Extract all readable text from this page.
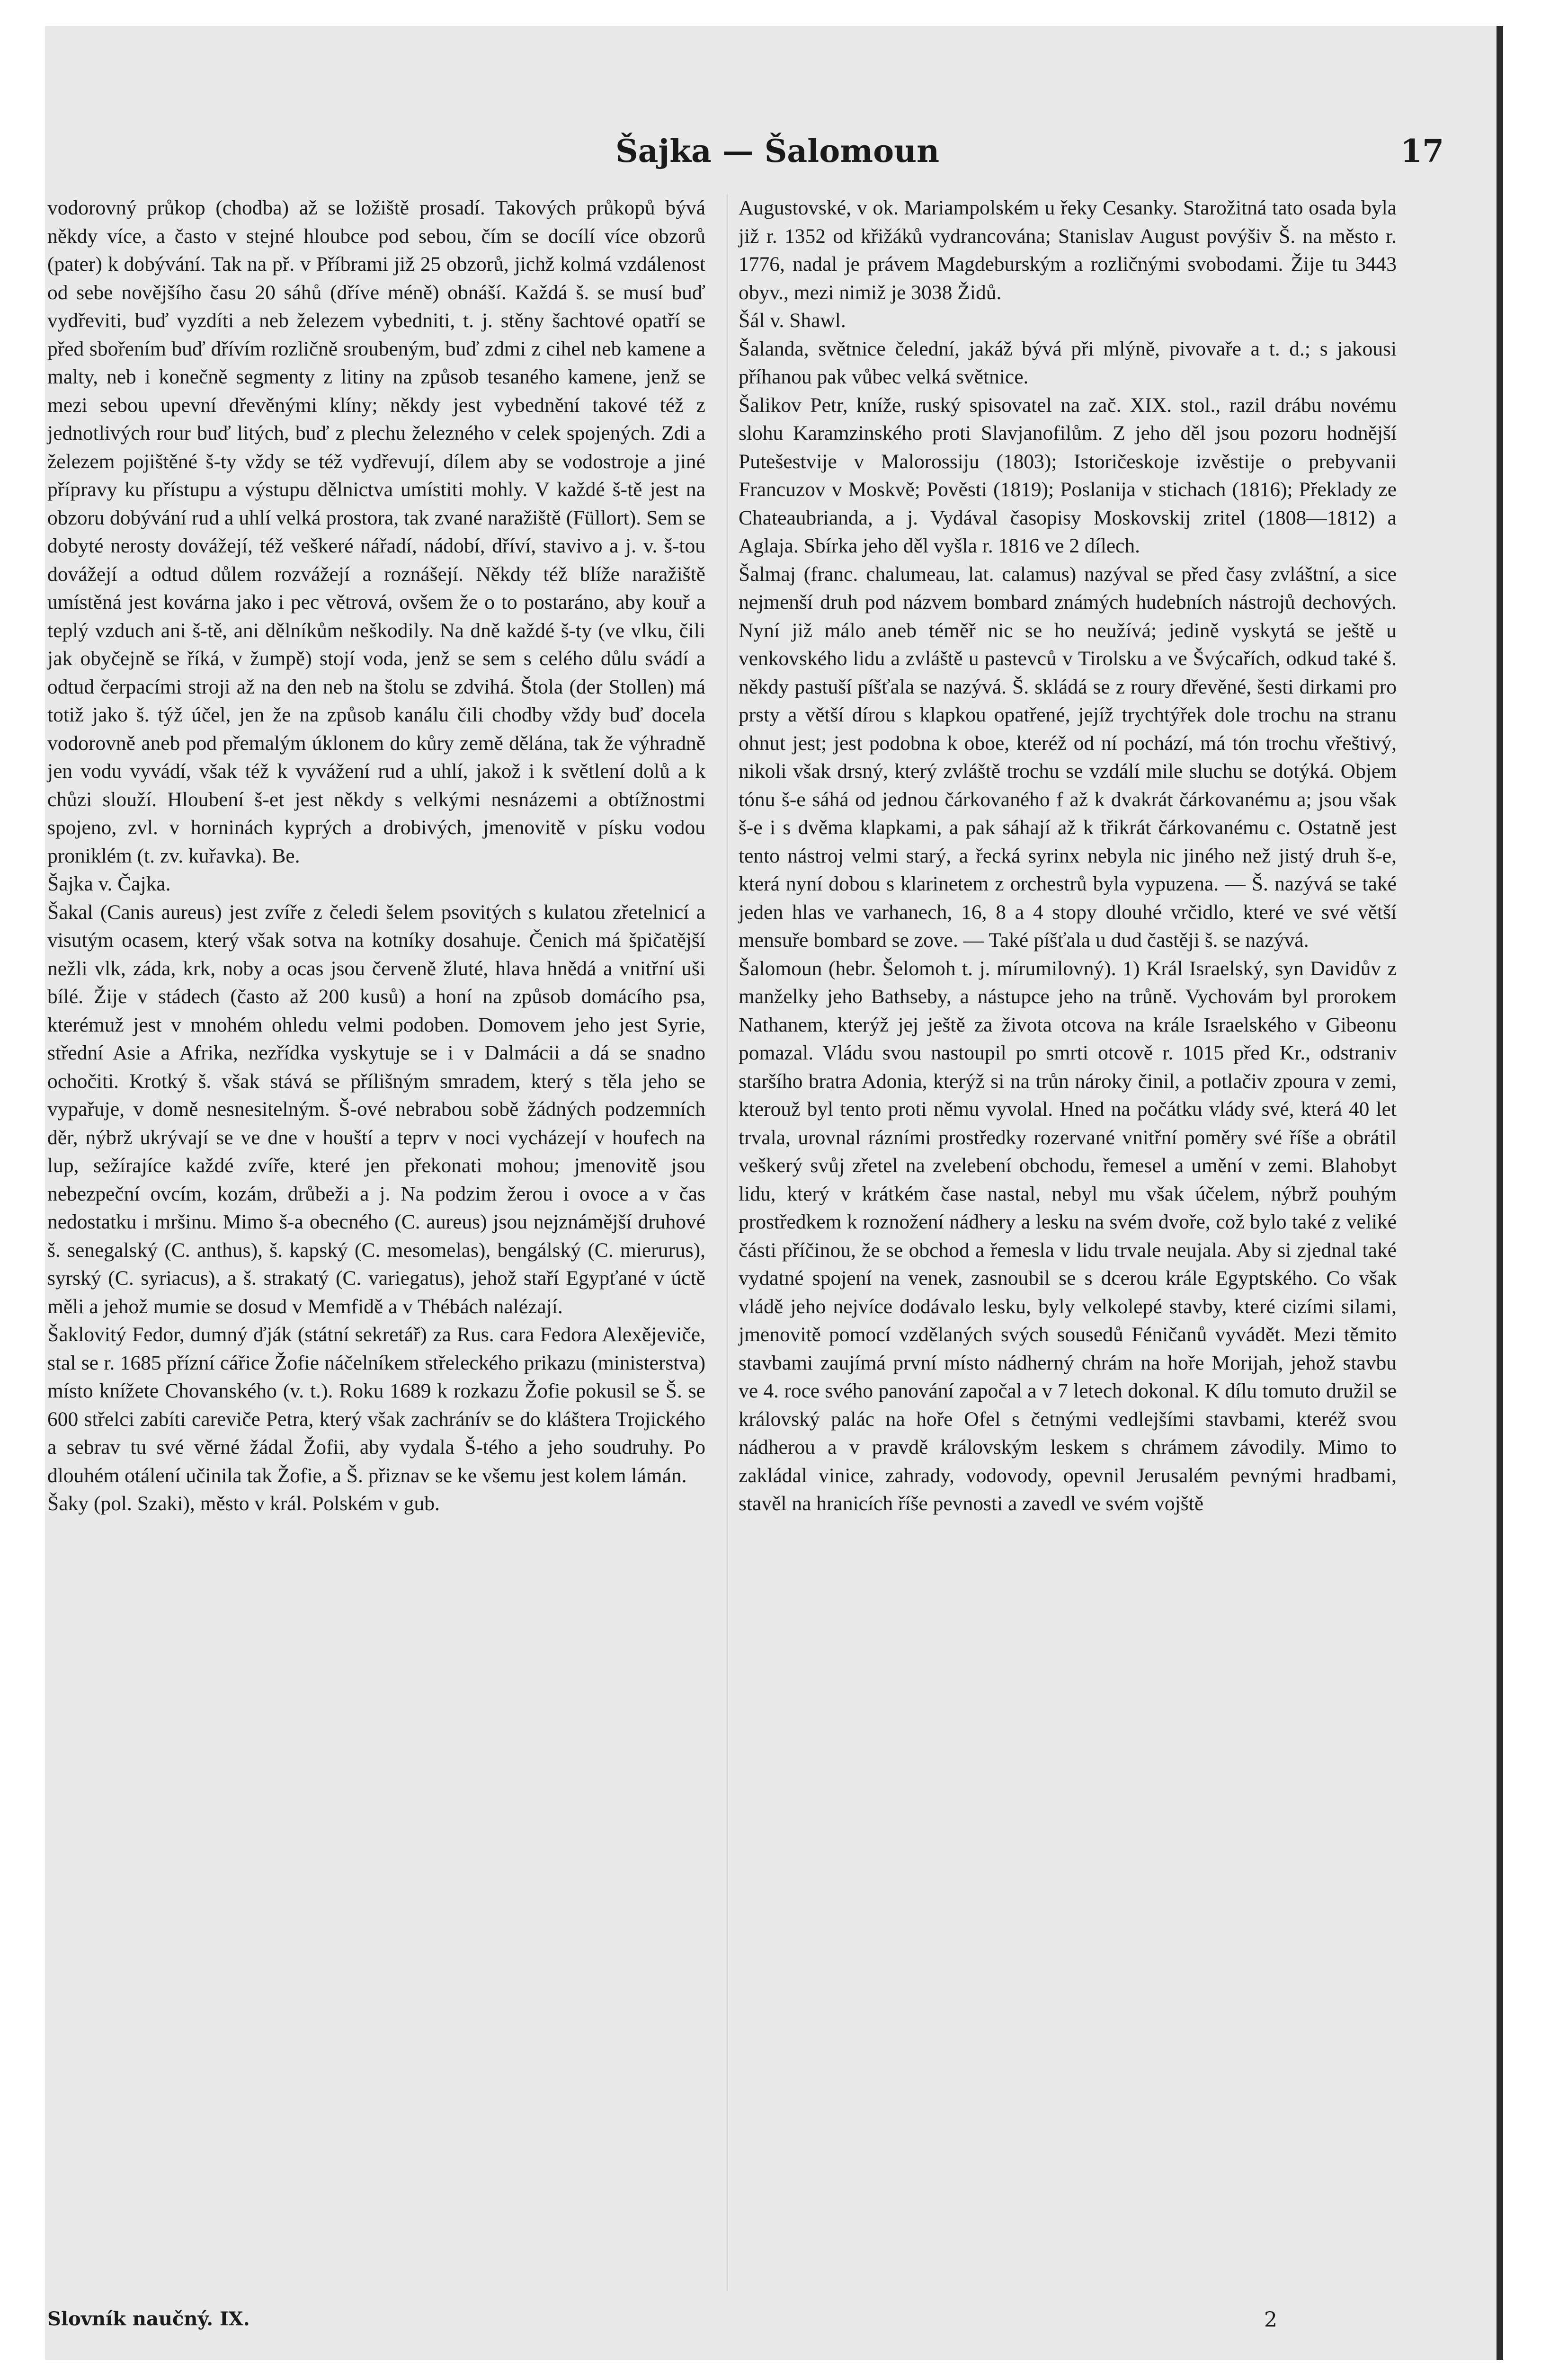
Šajka — Šalomoun	17

vodorovný průkop (chodba) až se ložiště prosadí. Takových průkopů bývá někdy více, a často v stejné hloubce pod sebou, čím se docílí více obzorů (pater) k dobývání. Tak na př. v Příbrami již 25 obzorů, jichž kolmá vzdálenost od sebe novějšího času 20 sáhů (dříve méně) obnáší. Každá š. se musí buď vydřeviti, buď vyzdíti a neb železem vybedniti, t. j. stěny šachtové opatří se před sbořením buď dřívím rozličně sroubeným, buď zdmi z cihel neb kamene a malty, neb i konečně segmenty z litiny na způsob tesaného kamene, jenž se mezi sebou upevní dřevěnými klíny; někdy jest vybednění takové též z jednotlivých rour buď litých, buď z plechu železného v celek spojených. Zdi a železem pojištěné š-ty vždy se též vydřevují, dílem aby se vodostroje a jiné přípravy ku přístupu a výstupu dělnictva umístiti mohly. V každé š-tě jest na obzoru dobývání rud a uhlí velká prostora, tak zvané naražiště (Füllort). Sem se dobyté nerosty dovážejí, též veškeré nářadí, nádobí, dříví, stavivo a j. v. š-tou dovážejí a odtud důlem rozvážejí a roznášejí. Někdy též blíže naražiště umístěná jest kovárna jako i pec větrová, ovšem že o to postaráno, aby kouř a teplý vzduch ani š-tě, ani dělníkům neškodily. Na dně každé š-ty (ve vlku, čili jak obyčejně se říká, v žumpě) stojí voda, jenž se sem s celého důlu svádí a odtud čerpacími stroji až na den neb na štolu se zdvihá. Štola (der Stollen) má totiž jako š. týž účel, jen že na způsob kanálu čili chodby vždy buď docela vodorovně aneb pod přemalým úklonem do kůry země dělána, tak že výhradně jen vodu vyvádí, však též k vyvážení rud a uhlí, jakož i k světlení dolů a k chůzi slouží. Hloubení š-et jest někdy s velkými nesnázemi a obtížnostmi spojeno, zvl. v horninách kyprých a drobivých, jmenovitě v písku vodou proniklém (t. zv. kuřavka). Be.

Šajka v. Čajka.

Šakal (Canis aureus) jest zvíře z čeledi šelem psovitých s kulatou zřetelnicí a visutým ocasem, který však sotva na kotníky dosahuje. Čenich má špičatější nežli vlk, záda, krk, noby a ocas jsou červeně žluté, hlava hnědá a vnitřní uši bílé. Žije v stádech (často až 200 kusů) a honí na způsob domácího psa, kterémuž jest v mnohém ohledu velmi podoben. Domovem jeho jest Syrie, střední Asie a Afrika, nezřídka vyskytuje se i v Dalmácii a dá se snadno ochočiti. Krotký š. však stává se přílišným smradem, který s těla jeho se vypařuje, v domě nesnesitelným. Š-ové nebrabou sobě žádných podzemních děr, nýbrž ukrývají se ve dne v houští a teprv v noci vycházejí v houfech na lup, sežírajíce každé zvíře, které jen překonati mohou; jmenovitě jsou nebezpeční ovcím, kozám, drůbeži a j. Na podzim žerou i ovoce a v čas nedostatku i mršinu. Mimo š-a obecného (C. aureus) jsou nejznámější druhové š. senegalský (C. anthus), š. kapský (C. mesomelas), bengálský (C. mierurus), syrský (C. syriacus), a š. strakatý (C. variegatus), jehož staří Egypťané v úctě měli a jehož mumie se dosud v Memfidě a v Thébách nalézají.

Šaklovitý Fedor, dumný ďják (státní sekretář) za Rus. cara Fedora Alexějeviče, stal se r. 1685 přízní cářice Žofie náčelníkem střeleckého prikazu (ministerstva) místo knížete Chovanského (v. t.). Roku 1689 k rozkazu Žofie pokusil se Š. se 600 střelci zabíti careviče Petra, který však zachránív se do kláštera Trojického a sebrav tu své věrné žádal Žofii, aby vydala Š-tého a jeho soudruhy. Po dlouhém otálení učinila tak Žofie, a Š. přiznav se ke všemu jest kolem lámán.

Šaky (pol. Szaki), město v král. Polském v gub.

Augustovské, v ok. Mariampolském u řeky Cesanky. Starožitná tato osada byla již r. 1352 od křižáků vydrancována; Stanislav August povýšiv Š. na město r. 1776, nadal je právem Magdeburským a rozličnými svobodami. Žije tu 3443 obyv., mezi nimiž je 3038 Židů.

Šál v. Shawl.

Šalanda, světnice čelední, jakáž bývá při mlýně, pivovaře a t. d.; s jakousi příhanou pak vůbec velká světnice.

Šalikov Petr, kníže, ruský spisovatel na zač. XIX. stol., razil drábu novému slohu Karamzinského proti Slavjanofilům. Z jeho děl jsou pozoru hodnější Putešestvije v Malorossiju (1803); Istoričeskoje izvěstije o prebyvanii Francuzov v Moskvě; Pověsti (1819); Poslanija v stichach (1816); Překlady ze Chateaubrianda, a j. Vydával časopisy Moskovskij zritel (1808—1812) a Aglaja. Sbírka jeho děl vyšla r. 1816 ve 2 dílech.

Šalmaj (franc. chalumeau, lat. calamus) nazýval se před časy zvláštní, a sice nejmenší druh pod názvem bombard známých hudebních nástrojů dechových. Nyní již málo aneb téměř nic se ho neužívá; jedině vyskytá se ještě u venkovského lidu a zvláště u pastevců v Tirolsku a ve Švýcařích, odkud také š. někdy pastuší píšťala se nazývá. Š. skládá se z roury dřevěné, šesti dirkami pro prsty a větší dírou s klapkou opatřené, jejíž trychtýřek dole trochu na stranu ohnut jest; jest podobna k oboe, kteréž od ní pochází, má tón trochu vřeštivý, nikoli však drsný, který zvláště trochu se vzdálí mile sluchu se dotýká. Objem tónu š-e sáhá od jednou čárkovaného f až k dvakrát čárkovanému a; jsou však š-e i s dvěma klapkami, a pak sáhají až k třikrát čárkovanému c. Ostatně jest tento nástroj velmi starý, a řecká syrinx nebyla nic jiného než jistý druh š-e, která nyní dobou s klarinetem z orchestrů byla vypuzena. — Š. nazývá se také jeden hlas ve varhanech, 16, 8 a 4 stopy dlouhé vrčidlo, které ve své větší mensuře bombard se zove. — Také píšťala u dud častěji š. se nazývá.

Šalomoun (hebr. Šelomoh t. j. mírumilovný). 1) Král Israelský, syn Davidův z manželky jeho Bathseby, a nástupce jeho na trůně. Vychovám byl prorokem Nathanem, kterýž jej ještě za života otcova na krále Israelského v Gibeonu pomazal. Vládu svou nastoupil po smrti otcově r. 1015 před Kr., odstraniv staršího bratra Adonia, kterýž si na trůn nároky činil, a potlačiv zpoura v zemi, kterouž byl tento proti němu vyvolal. Hned na počátku vlády své, která 40 let trvala, urovnal rázními prostředky rozervané vnitřní poměry své říše a obrátil veškerý svůj zřetel na zvelebení obchodu, řemesel a umění v zemi. Blahobyt lidu, který v krátkém čase nastal, nebyl mu však účelem, nýbrž pouhým prostředkem k roznožení nádhery a lesku na svém dvoře, což bylo také z veliké části příčinou, že se obchod a řemesla v lidu trvale neujala. Aby si zjednal také vydatné spojení na venek, zasnoubil se s dcerou krále Egyptského. Co však vládě jeho nejvíce dodávalo lesku, byly velkolepé stavby, které cizími silami, jmenovitě pomocí vzdělaných svých sousedů Féničanů vyvádět. Mezi těmito stavbami zaujímá první místo nádherný chrám na hoře Morijah, jehož stavbu ve 4. roce svého panování započal a v 7 letech dokonal. K dílu tomuto družil se královský palác na hoře Ofel s četnými vedlejšími stavbami, kteréž svou nádherou a v pravdě královským leskem s chrámem závodily. Mimo to zakládal vinice, zahrady, vodovody, opevnil Jerusalém pevnými hradbami, stavěl na hranicích říše pevnosti a zavedl ve svém vojště

Slovník naučný. IX.	2
